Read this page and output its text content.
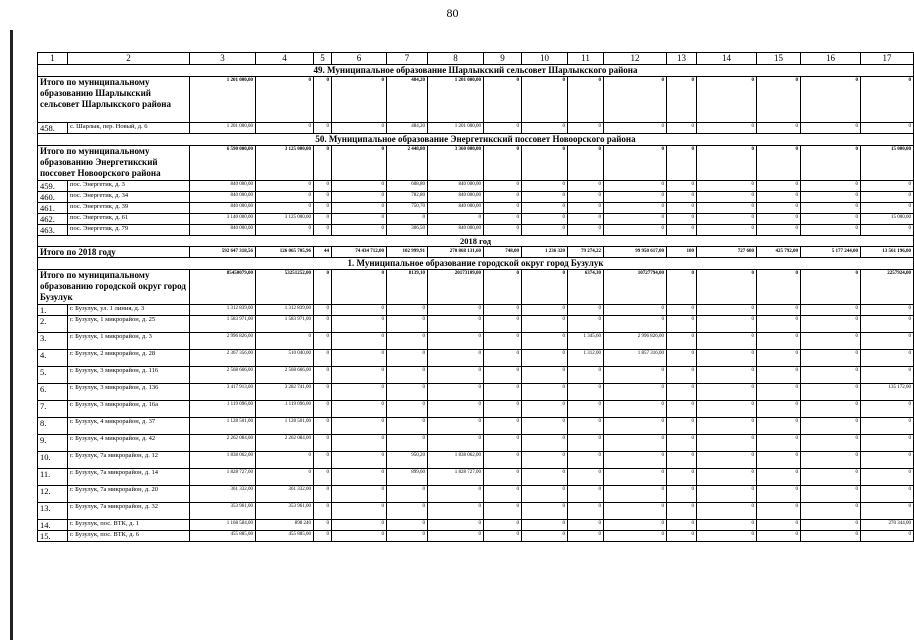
80
1	2	3	4	5	6	7	8	9	10	11	12	13	14	15	16	17
49. Муниципальное образование Шарлыкский сельсовет Шарлыкского района																
Итого по муниципальному образованию Шарлыкский сельсовет Шарлыкского района		1 201 000,00	0	0	0	484,20	1 201 000,00	0	0	0	0	0	0	0	0	0
458.	с. Шарлык, пер. Новый, д. 6	1 201 000,00	0	0	0	484,20	1 201 000,00	0	0	0	0	0	0	0	0	0
50. Муниципальное образование Энергетикский поссовет Новоорского района																
Итого по муниципальному образованию Энергетикский поссовет Новоорского района		6 590 000,00	3 125 000,00	0	0	2 448,80	3 360 000,00	0	0	0	0	0	0	0	0	15 000,00
459.	пос. Энергетик, д. 3	840 000,00	0	0	0	608,80	840 000,00	0	0	0	0	0	0	0	0	0
460.	пос. Энергетик, д. 34	840 000,00	0	0	0	782,80	840 000,00	0	0	0	0	0	0	0	0	0
461.	пос. Энергетик, д. 39	840 000,00	0	0	0	750,70	840 000,00	0	0	0	0	0	0	0	0	0
462.	пос. Энергетик, д. 61	3 140 000,00	3 125 000,00	0	0	0	0	0	0	0	0	0	0	0	0	15 000,00
463.	пос. Энергетик, д. 79	840 000,00	0	0	0	306,50	840 000,00	0	0	0	0	0	0	0	0	0
2018 год																
Итого по 2018 году		592 647 318,56	126 065 705,96	44	74 434 712,00	102 999,91	270 868 131,60	748,00	1 236 320	79 274,22	99 950 617,00	100	727 600	425 792,00	5 177 244,00	13 561 196,00
1. Муниципальное образование городской округ город Бузулук																
Итого по муниципальному образованию городской округ город Бузулук		85450079,00	53251252,00	0	0	8139,10	20173109,00	0	0	6374,30	10727794,00	0	0	0	0	2257924,00
1.	г. Бузулук, ул. 1 линия, д. 3	1 312 839,00	1 312 839,00	0	0	0	0	0	0	0	0	0	0	0	0	0
2.	г. Бузулук, 1 микрорайон, д. 25	1 583 971,00	1 583 971,00	0	0	0	0	0	0	0	0	0	0	0	0	0
3.	г. Бузулук, 1 микрорайон, д. 3	2 996 826,00	0	0	0	0	0	0	0	1 345,60	2 996 826,00	0	0	0	0	0
4.	г. Бузулук, 2 микрорайон, д. 28	2 367 356,00	510 040,00	0	0	0	0	0	0	1 312,00	1 857 316,00	0	0	0	0	0
5.	г. Бузулук, 3 микрорайон, д. 116	2 568 666,00	2 568 666,00	0	0	0	0	0	0	0	0	0	0	0	0	0
6.	г. Бузулук, 3 микрорайон, д. 136	3 417 913,00	3 282 741,00	0	0	0	0	0	0	0	0	0	0	0	0	135 172,00
7.	г. Бузулук, 3 микрорайон, д. 16а	1 119 096,00	1 119 096,00	0	0	0	0	0	0	0	0	0	0	0	0	0
8.	г. Бузулук, 4 микрорайон, д. 37	1 128 501,00	1 128 501,00	0	0	0	0	0	0	0	0	0	0	0	0	0
9.	г. Бузулук, 4 микрорайон, д. 42	2 262 084,00	2 262 084,00	0	0	0	0	0	0	0	0	0	0	0	0	0
10.	г. Бузулук, 7а микрорайон, д. 12	1 838 062,00	0	0	0	950,20	1 838 062,00	0	0	0	0	0	0	0	0	0
11.	г. Бузулук, 7а микрорайон, д. 14	1 828 727,00	0	0	0	899,60	1 828 727,00	0	0	0	0	0	0	0	0	0
12.	г. Бузулук, 7а микрорайон, д. 20	361 332,00	361 332,00	0	0	0	0	0	0	0	0	0	0	0	0	0
13.	г. Бузулук, 7а микрорайон, д. 32	353 961,00	353 961,00	0	0	0	0	0	0	0	0	0	0	0	0	0
14.	г. Бузулук, пос. ВТК, д. 1	1 168 584,00	898 240	0	0	0	0	0	0	0	0	0	0	0	0	270 344,00
15.	г. Бузулук, пос. ВТК, д. 6	455 885,00	455 885,00	0	0	0	0	0	0	0	0	0	0	0	0	0
